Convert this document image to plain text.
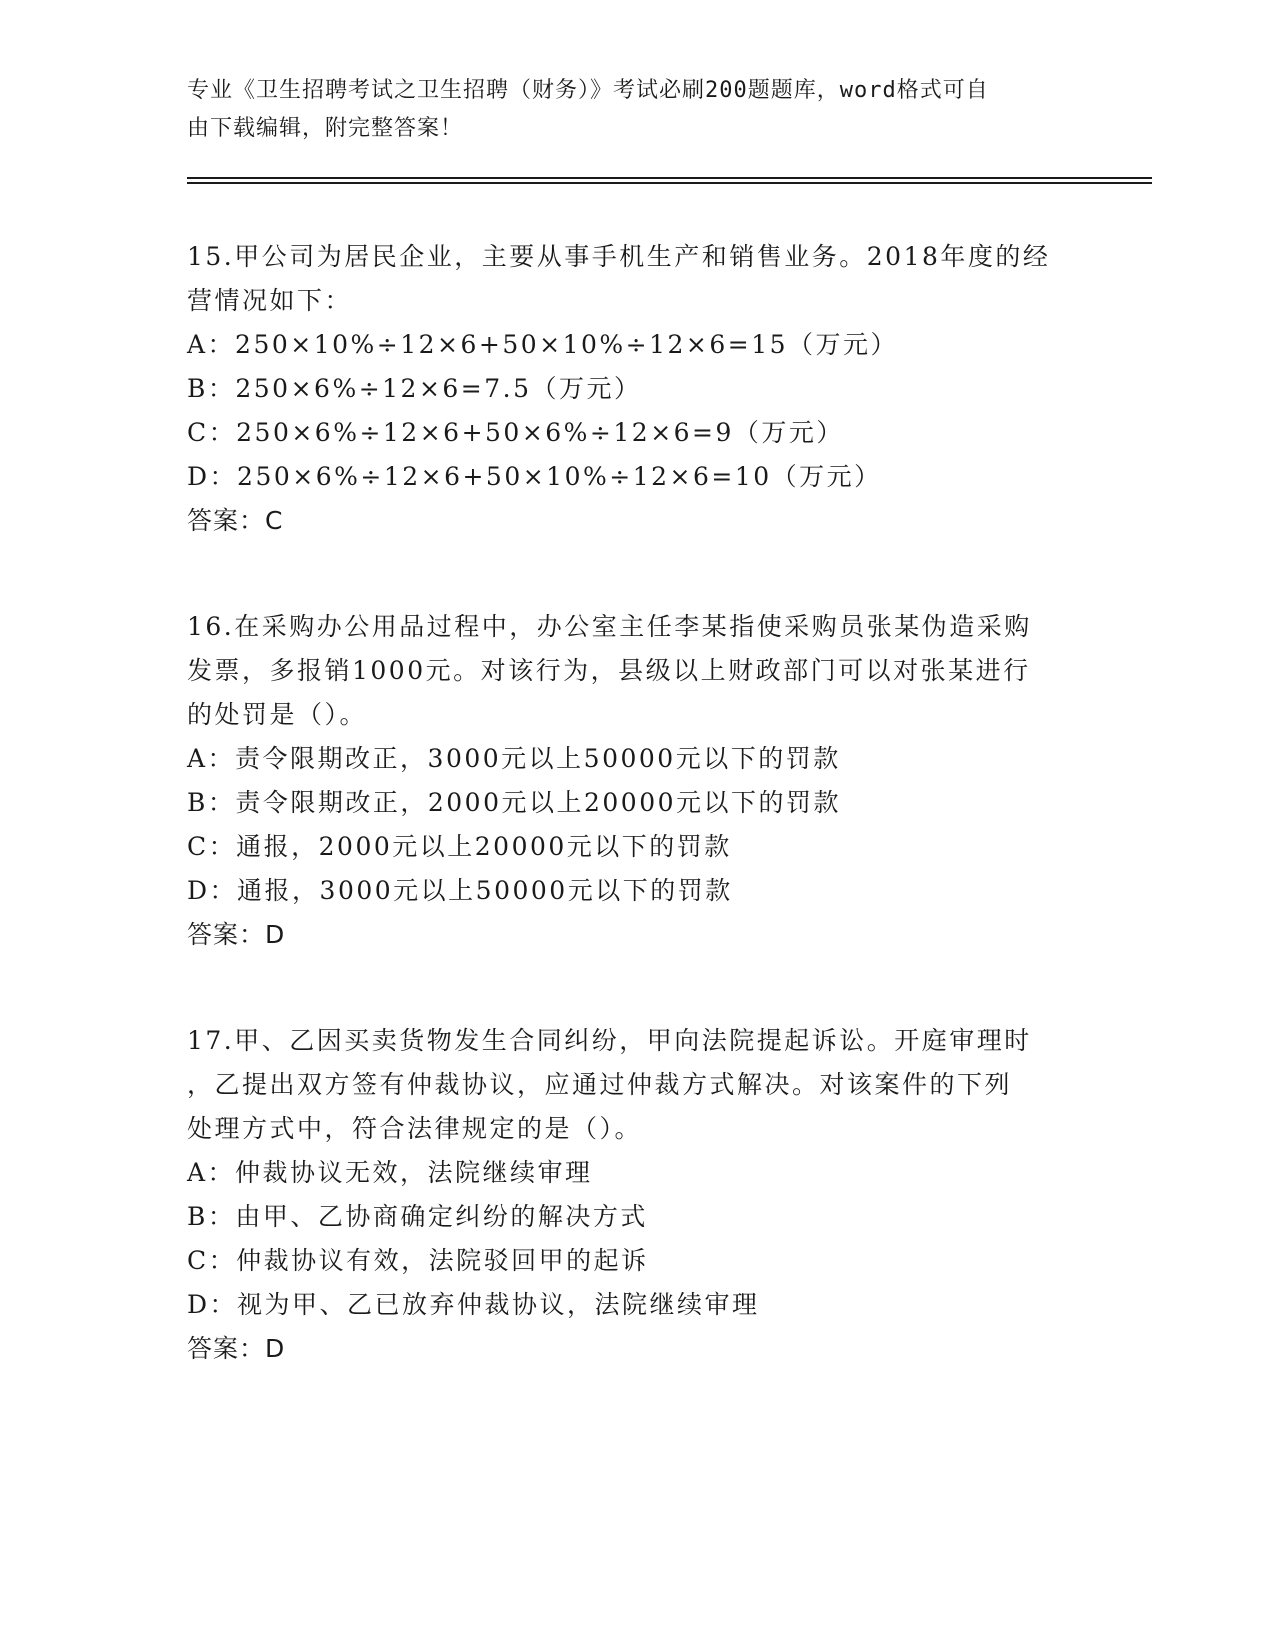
专业《卫生招聘考试之卫生招聘（财务）》考试必刷200题题库，word格式可自
由下载编辑，附完整答案！

15.甲公司为居民企业，主要从事手机生产和销售业务。2018年度的经

营情况如下：

A：250×10%÷12×6+50×10%÷12×6=15（万元）

B：250×6%÷12×6=7.5（万元）

C：250×6%÷12×6+50×6%÷12×6=9（万元）

D：250×6%÷12×6+50×10%÷12×6=10（万元）

答案：C

16.在采购办公用品过程中，办公室主任李某指使采购员张某伪造采购

发票，多报销1000元。对该行为，县级以上财政部门可以对张某进行

的处罚是（）。

A：责令限期改正，3000元以上50000元以下的罚款

B：责令限期改正，2000元以上20000元以下的罚款

C：通报，2000元以上20000元以下的罚款

D：通报，3000元以上50000元以下的罚款

答案：D

17.甲、乙因买卖货物发生合同纠纷，甲向法院提起诉讼。开庭审理时

，乙提出双方签有仲裁协议，应通过仲裁方式解决。对该案件的下列

处理方式中，符合法律规定的是（）。

A：仲裁协议无效，法院继续审理

B：由甲、乙协商确定纠纷的解决方式

C：仲裁协议有效，法院驳回甲的起诉

D：视为甲、乙已放弃仲裁协议，法院继续审理

答案：D
